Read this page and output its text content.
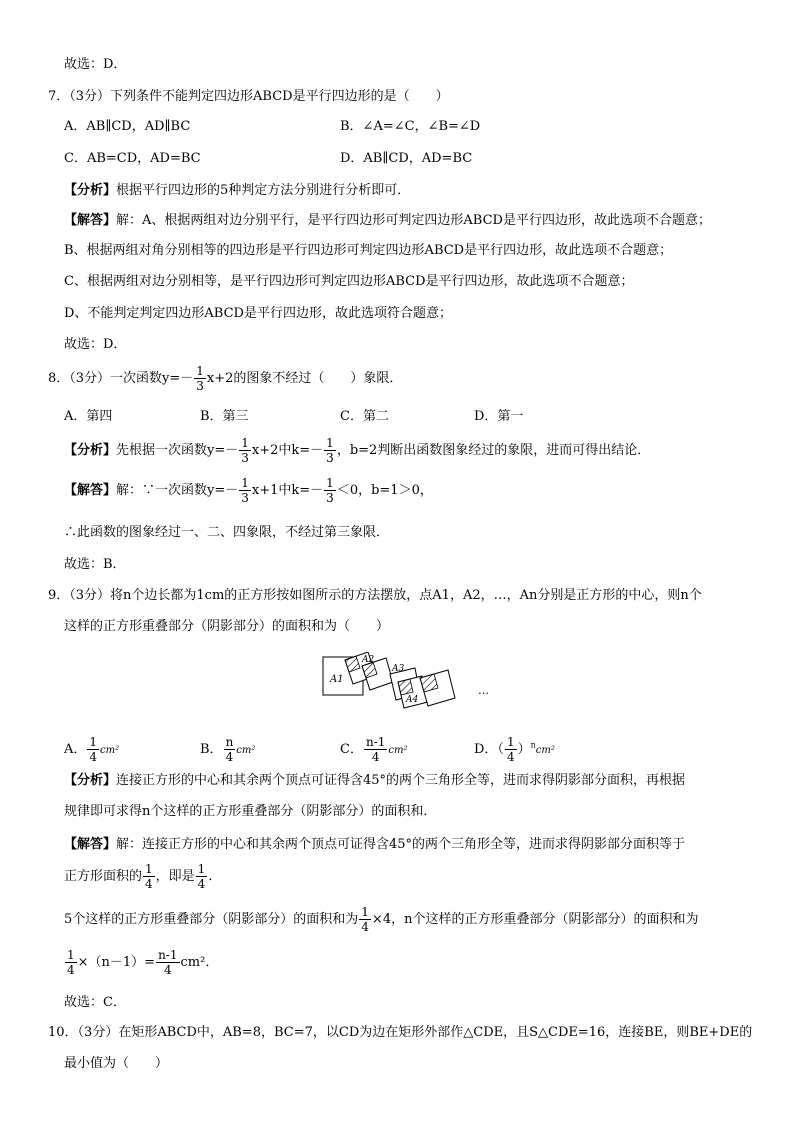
故选：D．
7．（3分）下列条件不能判定四边形ABCD是平行四边形的是（　　）
A．AB∥CD，AD∥BC	B．∠A=∠C，∠B=∠D
C．AB=CD，AD=BC	D．AB∥CD，AD=BC
【分析】根据平行四边形的5种判定方法分别进行分析即可．
【解答】解：A、根据两组对边分别平行，是平行四边形可判定四边形ABCD是平行四边形，故此选项不合题意；
B、根据两组对角分别相等的四边形是平行四边形可判定四边形ABCD是平行四边形，故此选项不合题意；
C、根据两组对边分别相等，是平行四边形可判定四边形ABCD是平行四边形，故此选项不合题意；
D、不能判定判定四边形ABCD是平行四边形，故此选项符合题意；
故选：D．
8．（3分）一次函数$y=- \frac{1}{3} x+2$的图象不经过（　　）象限．
A．第四	B．第三	C．第二	D．第一
【分析】先根据一次函数$y=- \frac{1}{3} x+2$中$k=- \frac{1}{3}$ ，b=2判断出函数图象经过的象限，进而可得出结论．
【解答】解：∵一次函数$y=- \frac{1}{3} x+1$中$k=- \frac{1}{3} <0$，b=1＞0，
∴此函数的图象经过一、二、四象限，不经过第三象限．
故选：B．
9．（3分）将n个边长都为1cm的正方形按如图所示的方法摆放，点A1，A2，…，An分别是正方形的中心，则n个
这样的正方形重叠部分（阴影部分）的面积和为（　　）
A1
A2
A3
A4
…
A． $\frac{1}{4} cm^2$	B． $\frac{n}{4} cm^2$	C． $\frac{n-1}{4} cm^2$	D．（ $\frac{1}{4} )^ncm^2$
【分析】连接正方形的中心和其余两个顶点可证得含45°的两个三角形全等，进而求得阴影部分面积，再根据
规律即可求得n个这样的正方形重叠部分（阴影部分）的面积和．
【解答】解：连接正方形的中心和其余两个顶点可证得含45°的两个三角形全等，进而求得阴影部分面积等于
正方形面积的 $\frac{1}{4}$ ，即是 $\frac{1}{4}$ ．
5个这样的正方形重叠部分（阴影部分）的面积和为 $\frac{1}{4} \times 4$，n个这样的正方形重叠部分（阴影部分）的面积和为
$\frac{1}{4} \times(n-1)= \frac{n-1}{4} cm^2$．
故选：C．
10．（3分）在矩形ABCD中，AB=8，BC=7，以CD为边在矩形外部作△CDE，且S△CDE=16，连接BE，则BE+DE的
最小值为（　　）
